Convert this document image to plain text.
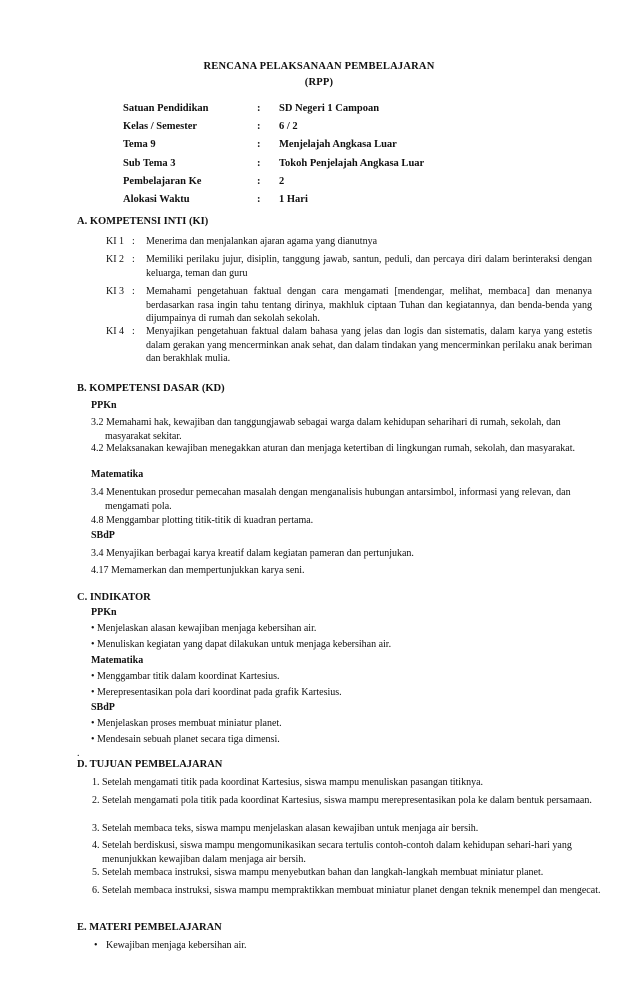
RENCANA PELAKSANAAN PEMBELAJARAN
(RPP)
Satuan Pendidikan	: SD Negeri 1 Campoan
Kelas / Semester	: 6 / 2
Tema 9	: Menjelajah Angkasa Luar
Sub Tema 3	: Tokoh Penjelajah Angkasa Luar
Pembelajaran Ke	: 2
Alokasi Waktu	: 1 Hari
A. KOMPETENSI INTI (KI)
KI 1 : Menerima dan menjalankan ajaran agama yang dianutnya
KI 2 : Memiliki perilaku jujur, disiplin, tanggung jawab, santun, peduli, dan percaya diri dalam berinteraksi dengan keluarga, teman dan guru
KI 3 : Memahami pengetahuan faktual dengan cara mengamati [mendengar, melihat, membaca] dan menanya berdasarkan rasa ingin tahu tentang dirinya, makhluk ciptaan Tuhan dan kegiatannya, dan benda-benda yang dijumpainya di rumah dan sekolah sekolah.
KI 4 : Menyajikan pengetahuan faktual dalam bahasa yang jelas dan logis dan sistematis, dalam karya yang estetis dalam gerakan yang mencerminkan anak sehat, dan dalam tindakan yang mencerminkan perilaku anak beriman dan berakhlak mulia.
B. KOMPETENSI DASAR (KD)
PPKn
3.2 Memahami hak, kewajiban dan tanggungjawab sebagai warga dalam kehidupan seharihari di rumah, sekolah, dan masyarakat sekitar.
4.2 Melaksanakan kewajiban menegakkan aturan dan menjaga ketertiban di lingkungan rumah, sekolah, dan masyarakat.
Matematika
3.4 Menentukan prosedur pemecahan masalah dengan menganalisis hubungan antarsimbol, informasi yang relevan, dan mengamati pola.
4.8 Menggambar plotting titik-titik di kuadran pertama.
SBdP
3.4 Menyajikan berbagai karya kreatif dalam kegiatan pameran dan pertunjukan.
4.17 Memamerkan dan mempertunjukkan karya seni.
C. INDIKATOR
PPKn
• Menjelaskan alasan kewajiban menjaga kebersihan air.
• Menuliskan kegiatan yang dapat dilakukan untuk menjaga kebersihan air.
Matematika
• Menggambar titik dalam koordinat Kartesius.
• Merepresentasikan pola dari koordinat pada grafik Kartesius.
SBdP
• Menjelaskan proses membuat miniatur planet.
• Mendesain sebuah planet secara tiga dimensi.
.
D. TUJUAN PEMBELAJARAN
1. Setelah mengamati titik pada koordinat Kartesius, siswa mampu menuliskan pasangan titiknya.
2. Setelah mengamati pola titik pada koordinat Kartesius, siswa mampu merepresentasikan pola ke dalam bentuk persamaan.
3. Setelah membaca teks, siswa mampu menjelaskan alasan kewajiban untuk menjaga air bersih.
4. Setelah berdiskusi, siswa mampu mengomunikasikan secara tertulis contoh-contoh dalam kehidupan sehari-hari yang menunjukkan kewajiban dalam menjaga air bersih.
5. Setelah membaca instruksi, siswa mampu menyebutkan bahan dan langkah-langkah membuat miniatur planet.
6. Setelah membaca instruksi, siswa mampu mempraktikkan membuat miniatur planet dengan teknik menempel dan mengecat.
E. MATERI PEMBELAJARAN
• Kewajiban menjaga kebersihan air.
